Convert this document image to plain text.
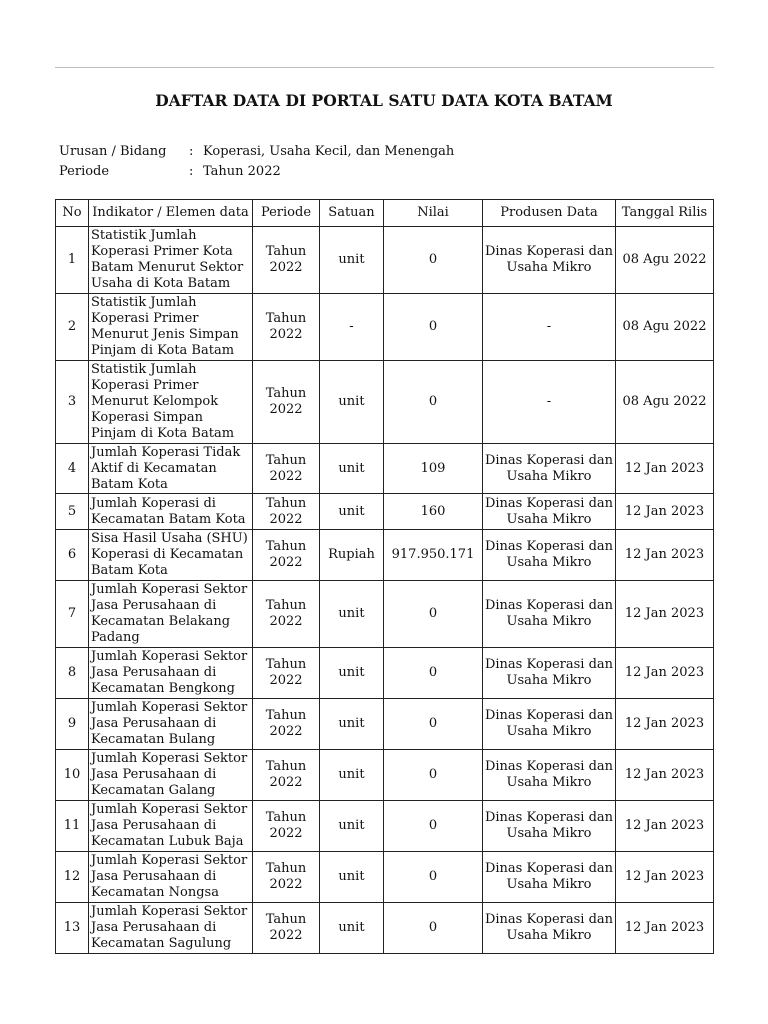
DAFTAR DATA DI PORTAL SATU DATA KOTA BATAM
Urusan / Bidang	: Koperasi, Usaha Kecil, dan Menengah
Periode	: Tahun 2022
No	Indikator / Elemen data	Periode	Satuan	Nilai	Produsen Data	Tanggal Rilis
1	Statistik Jumlah Koperasi Primer Kota Batam Menurut Sektor Usaha di Kota Batam	Tahun 2022	unit	0	Dinas Koperasi dan Usaha Mikro	08 Agu 2022
2	Statistik Jumlah Koperasi Primer Menurut Jenis Simpan Pinjam di Kota Batam	Tahun 2022	-	0	-	08 Agu 2022
3	Statistik Jumlah Koperasi Primer Menurut Kelompok Koperasi Simpan Pinjam di Kota Batam	Tahun 2022	unit	0	-	08 Agu 2022
4	Jumlah Koperasi Tidak Aktif di Kecamatan Batam Kota	Tahun 2022	unit	109	Dinas Koperasi dan Usaha Mikro	12 Jan 2023
5	Jumlah Koperasi di Kecamatan Batam Kota	Tahun 2022	unit	160	Dinas Koperasi dan Usaha Mikro	12 Jan 2023
6	Sisa Hasil Usaha (SHU) Koperasi di Kecamatan Batam Kota	Tahun 2022	Rupiah	917.950.171	Dinas Koperasi dan Usaha Mikro	12 Jan 2023
7	Jumlah Koperasi Sektor Jasa Perusahaan di Kecamatan Belakang Padang	Tahun 2022	unit	0	Dinas Koperasi dan Usaha Mikro	12 Jan 2023
8	Jumlah Koperasi Sektor Jasa Perusahaan di Kecamatan Bengkong	Tahun 2022	unit	0	Dinas Koperasi dan Usaha Mikro	12 Jan 2023
9	Jumlah Koperasi Sektor Jasa Perusahaan di Kecamatan Bulang	Tahun 2022	unit	0	Dinas Koperasi dan Usaha Mikro	12 Jan 2023
10	Jumlah Koperasi Sektor Jasa Perusahaan di Kecamatan Galang	Tahun 2022	unit	0	Dinas Koperasi dan Usaha Mikro	12 Jan 2023
11	Jumlah Koperasi Sektor Jasa Perusahaan di Kecamatan Lubuk Baja	Tahun 2022	unit	0	Dinas Koperasi dan Usaha Mikro	12 Jan 2023
12	Jumlah Koperasi Sektor Jasa Perusahaan di Kecamatan Nongsa	Tahun 2022	unit	0	Dinas Koperasi dan Usaha Mikro	12 Jan 2023
13	Jumlah Koperasi Sektor Jasa Perusahaan di Kecamatan Sagulung	Tahun 2022	unit	0	Dinas Koperasi dan Usaha Mikro	12 Jan 2023
